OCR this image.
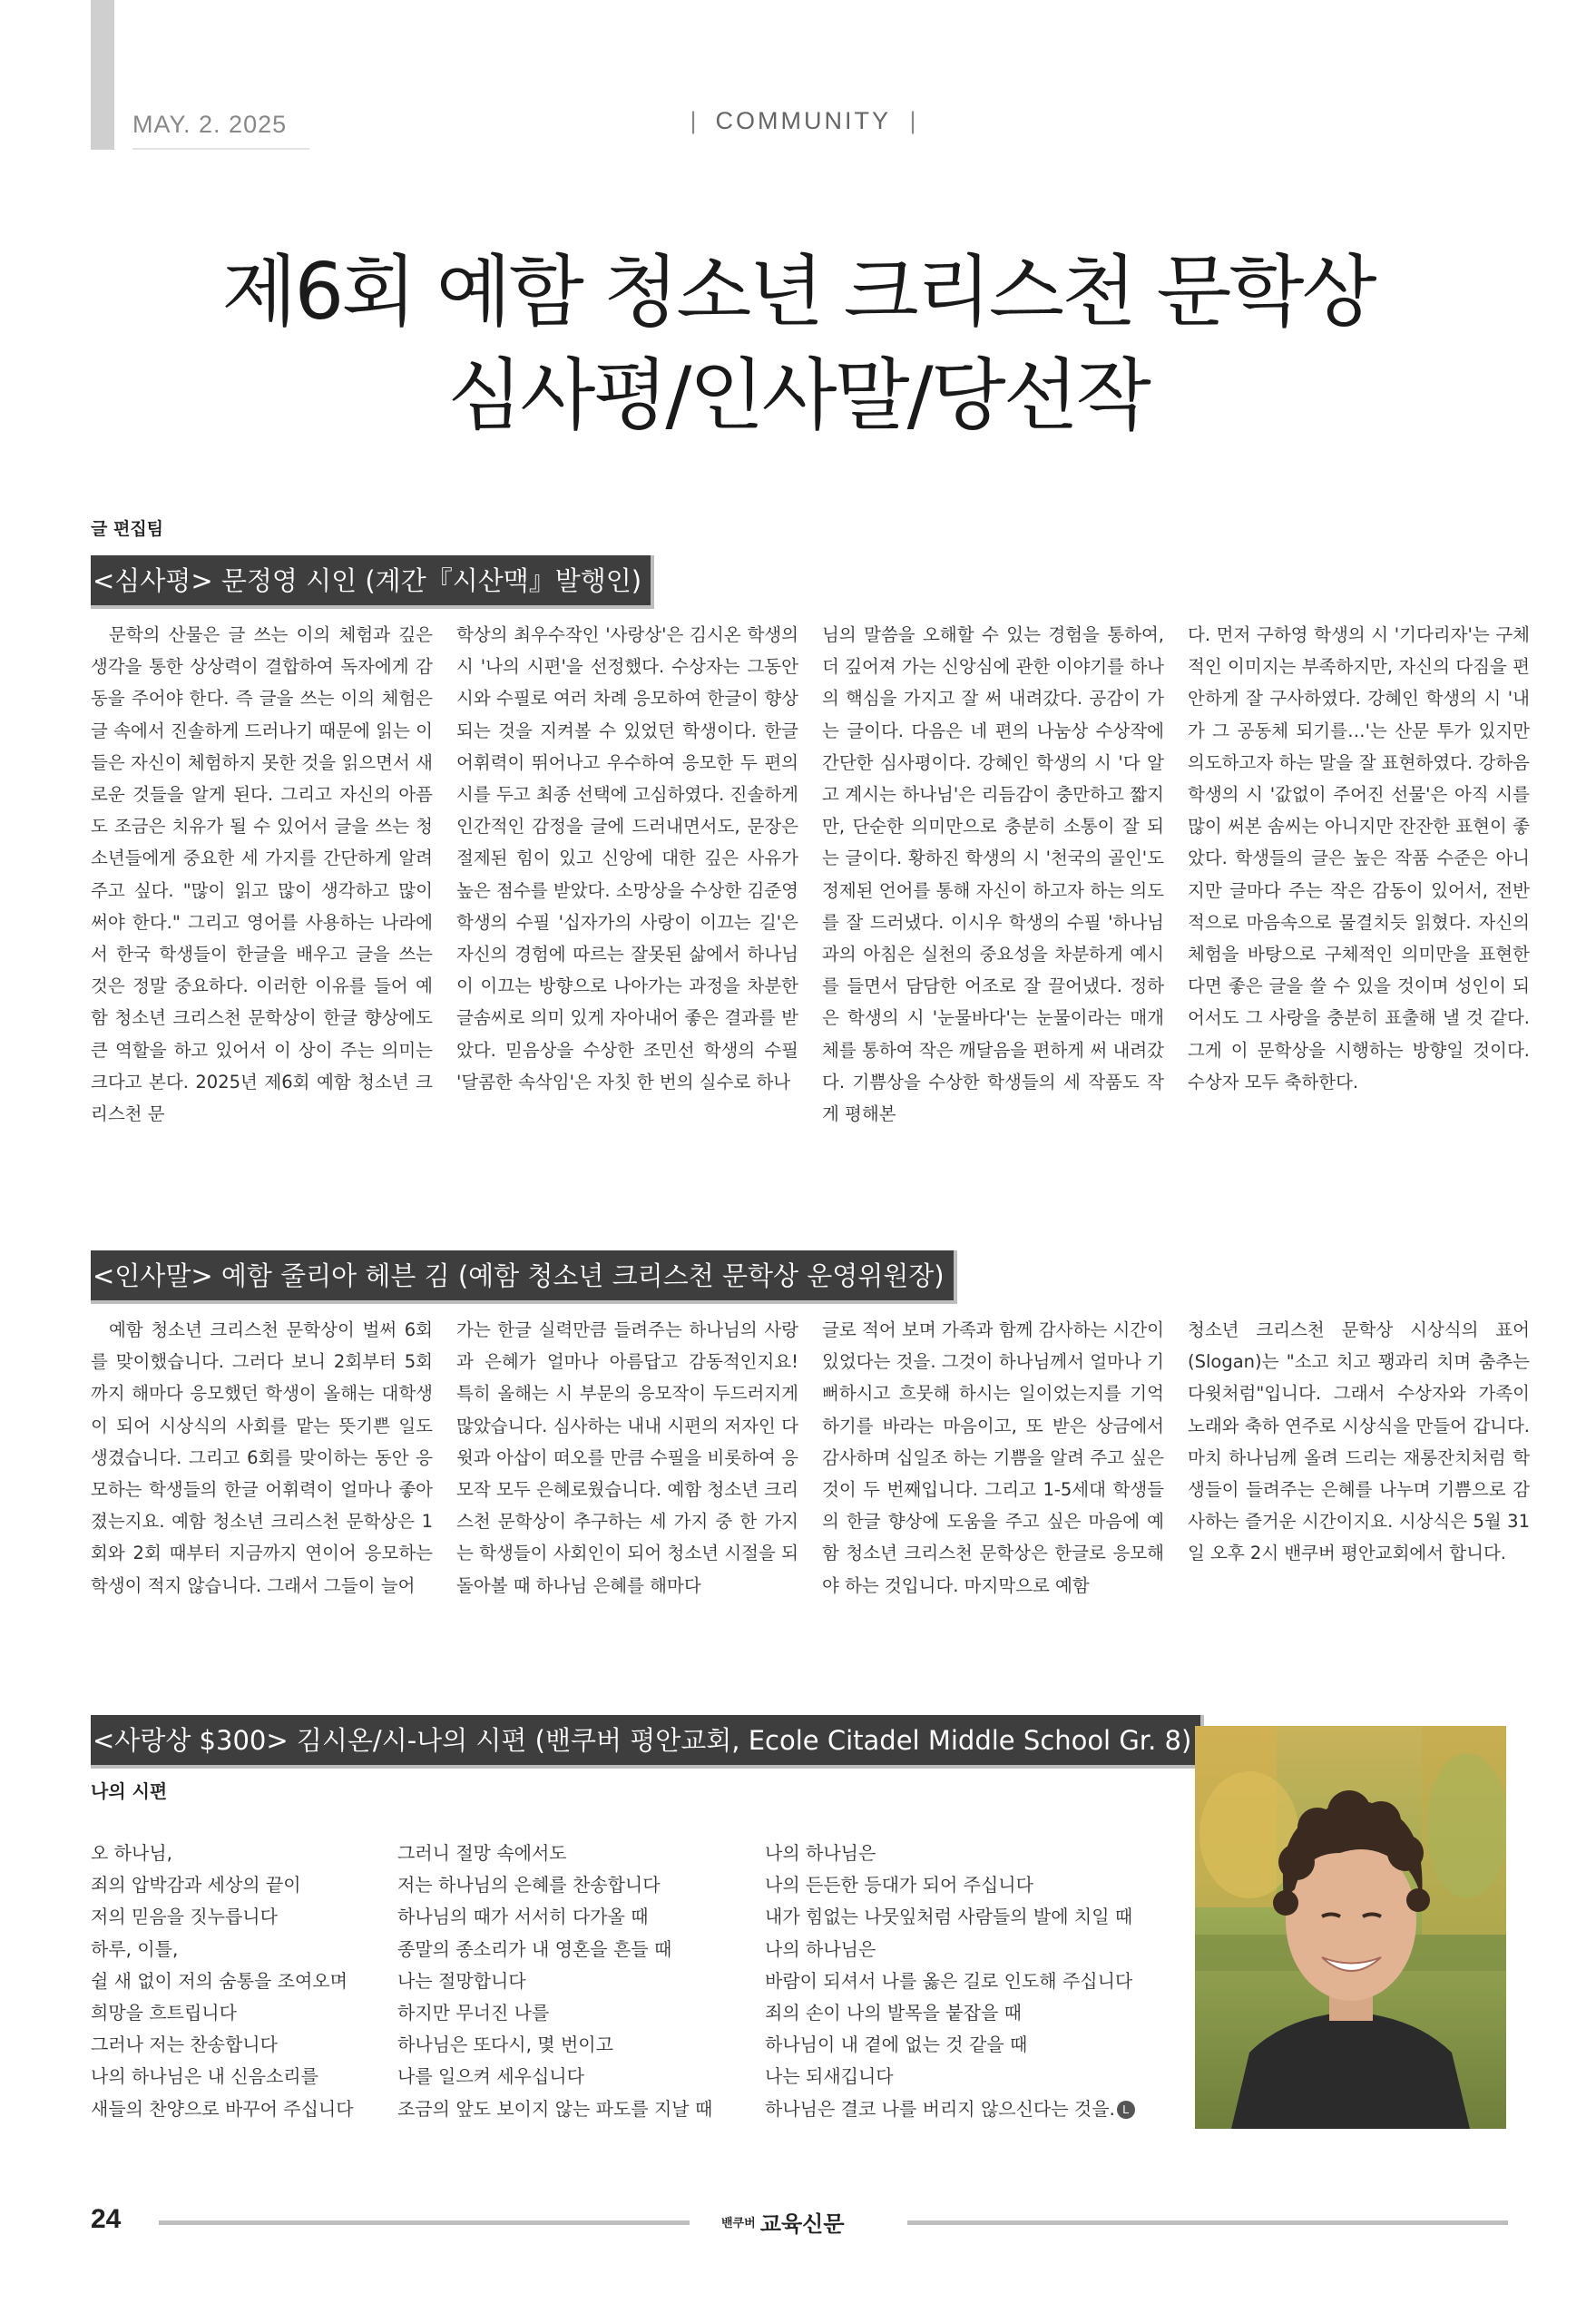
MAY. 2. 2025	| COMMUNITY |
제6회 예함 청소년 크리스천 문학상
심사평/인사말/당선작
글 편집팀
<심사평> 문정영 시인 (계간『시산맥』발행인)
문학의 산물은 글 쓰는 이의 체험과 깊은 생각을 통한 상상력이 결합하여 독자에게 감동을 주어야 한다. 즉 글을 쓰는 이의 체험은 글 속에서 진솔하게 드러나기 때문에 읽는 이들은 자신이 체험하지 못한 것을 읽으면서 새로운 것들을 알게 된다. 그리고 자신의 아픔도 조금은 치유가 될 수 있어서 글을 쓰는 청소년들에게 중요한 세 가지를 간단하게 알려 주고 싶다. "많이 읽고 많이 생각하고 많이 써야 한다." 그리고 영어를 사용하는 나라에서 한국 학생들이 한글을 배우고 글을 쓰는 것은 정말 중요하다. 이러한 이유를 들어 예함 청소년 크리스천 문학상이 한글 향상에도 큰 역할을 하고 있어서 이 상이 주는 의미는 크다고 본다. 2025년 제6회 예함 청소년 크리스천 문
학상의 최우수작인 '사랑상'은 김시온 학생의 시 '나의 시편'을 선정했다. 수상자는 그동안 시와 수필로 여러 차례 응모하여 한글이 향상되는 것을 지켜볼 수 있었던 학생이다. 한글 어휘력이 뛰어나고 우수하여 응모한 두 편의 시를 두고 최종 선택에 고심하였다. 진솔하게 인간적인 감정을 글에 드러내면서도, 문장은 절제된 힘이 있고 신앙에 대한 깊은 사유가 높은 점수를 받았다. 소망상을 수상한 김준영 학생의 수필 '십자가의 사랑이 이끄는 길'은 자신의 경험에 따르는 잘못된 삶에서 하나님이 이끄는 방향으로 나아가는 과정을 차분한 글솜씨로 의미 있게 자아내어 좋은 결과를 받았다. 믿음상을 수상한 조민선 학생의 수필 '달콤한 속삭임'은 자칫 한 번의 실수로 하나
님의 말씀을 오해할 수 있는 경험을 통하여, 더 깊어져 가는 신앙심에 관한 이야기를 하나의 핵심을 가지고 잘 써 내려갔다. 공감이 가는 글이다. 다음은 네 편의 나눔상 수상작에 간단한 심사평이다. 강혜인 학생의 시 '다 알고 계시는 하나님'은 리듬감이 충만하고 짧지만, 단순한 의미만으로 충분히 소통이 잘 되는 글이다. 황하진 학생의 시 '천국의 골인'도 정제된 언어를 통해 자신이 하고자 하는 의도를 잘 드러냈다. 이시우 학생의 수필 '하나님과의 아침은 실천의 중요성을 차분하게 예시를 들면서 담담한 어조로 잘 끌어냈다. 정하은 학생의 시 '눈물바다'는 눈물이라는 매개체를 통하여 작은 깨달음을 편하게 써 내려갔다. 기쁨상을 수상한 학생들의 세 작품도 작게 평해본
다. 먼저 구하영 학생의 시 '기다리자'는 구체적인 이미지는 부족하지만, 자신의 다짐을 편안하게 잘 구사하였다. 강혜인 학생의 시 '내가 그 공동체 되기를…'는 산문 투가 있지만 의도하고자 하는 말을 잘 표현하였다. 강하음 학생의 시 '값없이 주어진 선물'은 아직 시를 많이 써본 솜씨는 아니지만 잔잔한 표현이 좋았다. 학생들의 글은 높은 작품 수준은 아니지만 글마다 주는 작은 감동이 있어서, 전반적으로 마음속으로 물결치듯 읽혔다. 자신의 체험을 바탕으로 구체적인 의미만을 표현한다면 좋은 글을 쓸 수 있을 것이며 성인이 되어서도 그 사랑을 충분히 표출해 낼 것 같다. 그게 이 문학상을 시행하는 방향일 것이다. 수상자 모두 축하한다.
<인사말> 예함 줄리아 헤븐 김 (예함 청소년 크리스천 문학상 운영위원장)
예함 청소년 크리스천 문학상이 벌써 6회를 맞이했습니다. 그러다 보니 2회부터 5회까지 해마다 응모했던 학생이 올해는 대학생이 되어 시상식의 사회를 맡는 뜻기쁜 일도 생겼습니다. 그리고 6회를 맞이하는 동안 응모하는 학생들의 한글 어휘력이 얼마나 좋아졌는지요. 예함 청소년 크리스천 문학상은 1회와 2회 때부터 지금까지 연이어 응모하는 학생이 적지 않습니다. 그래서 그들이 늘어
가는 한글 실력만큼 들려주는 하나님의 사랑과 은혜가 얼마나 아름답고 감동적인지요! 특히 올해는 시 부문의 응모작이 두드러지게 많았습니다. 심사하는 내내 시편의 저자인 다윗과 아삽이 떠오를 만큼 수필을 비롯하여 응모작 모두 은혜로웠습니다. 예함 청소년 크리스천 문학상이 추구하는 세 가지 중 한 가지는 학생들이 사회인이 되어 청소년 시절을 되돌아볼 때 하나님 은혜를 해마다
글로 적어 보며 가족과 함께 감사하는 시간이 있었다는 것을. 그것이 하나님께서 얼마나 기뻐하시고 흐뭇해 하시는 일이었는지를 기억하기를 바라는 마음이고, 또 받은 상금에서 감사하며 십일조 하는 기쁨을 알려 주고 싶은 것이 두 번째입니다. 그리고 1-5세대 학생들의 한글 향상에 도움을 주고 싶은 마음에 예함 청소년 크리스천 문학상은 한글로 응모해야 하는 것입니다. 마지막으로 예함
청소년 크리스천 문학상 시상식의 표어(Slogan)는 "소고 치고 꽹과리 치며 춤추는 다윗처럼"입니다. 그래서 수상자와 가족이 노래와 축하 연주로 시상식을 만들어 갑니다. 마치 하나님께 올려 드리는 재롱잔치처럼 학생들이 들려주는 은혜를 나누며 기쁨으로 감사하는 즐거운 시간이지요. 시상식은 5월 31일 오후 2시 밴쿠버 평안교회에서 합니다.
<사랑상 $300> 김시온/시-나의 시편 (밴쿠버 평안교회, Ecole Citadel Middle School Gr. 8)
나의 시편
오 하나님,
죄의 압박감과 세상의 끝이
저의 믿음을 짓누릅니다
하루, 이틀,
쉴 새 없이 저의 숨통을 조여오며
희망을 흐트립니다
그러나 저는 찬송합니다
나의 하나님은 내 신음소리를
새들의 찬양으로 바꾸어 주십니다
그러니 절망 속에서도
저는 하나님의 은혜를 찬송합니다
하나님의 때가 서서히 다가올 때
종말의 종소리가 내 영혼을 흔들 때
나는 절망합니다
하지만 무너진 나를
하나님은 또다시, 몇 번이고
나를 일으켜 세우십니다
조금의 앞도 보이지 않는 파도를 지날 때
나의 하나님은
나의 든든한 등대가 되어 주십니다
내가 힘없는 나뭇잎처럼 사람들의 발에 치일 때
나의 하나님은
바람이 되셔서 나를 옳은 길로 인도해 주십니다
죄의 손이 나의 발목을 붙잡을 때
하나님이 내 곁에 없는 것 같을 때
나는 되새깁니다
하나님은 결코 나를 버리지 않으신다는 것을. L
24	밴쿠버 교육신문
